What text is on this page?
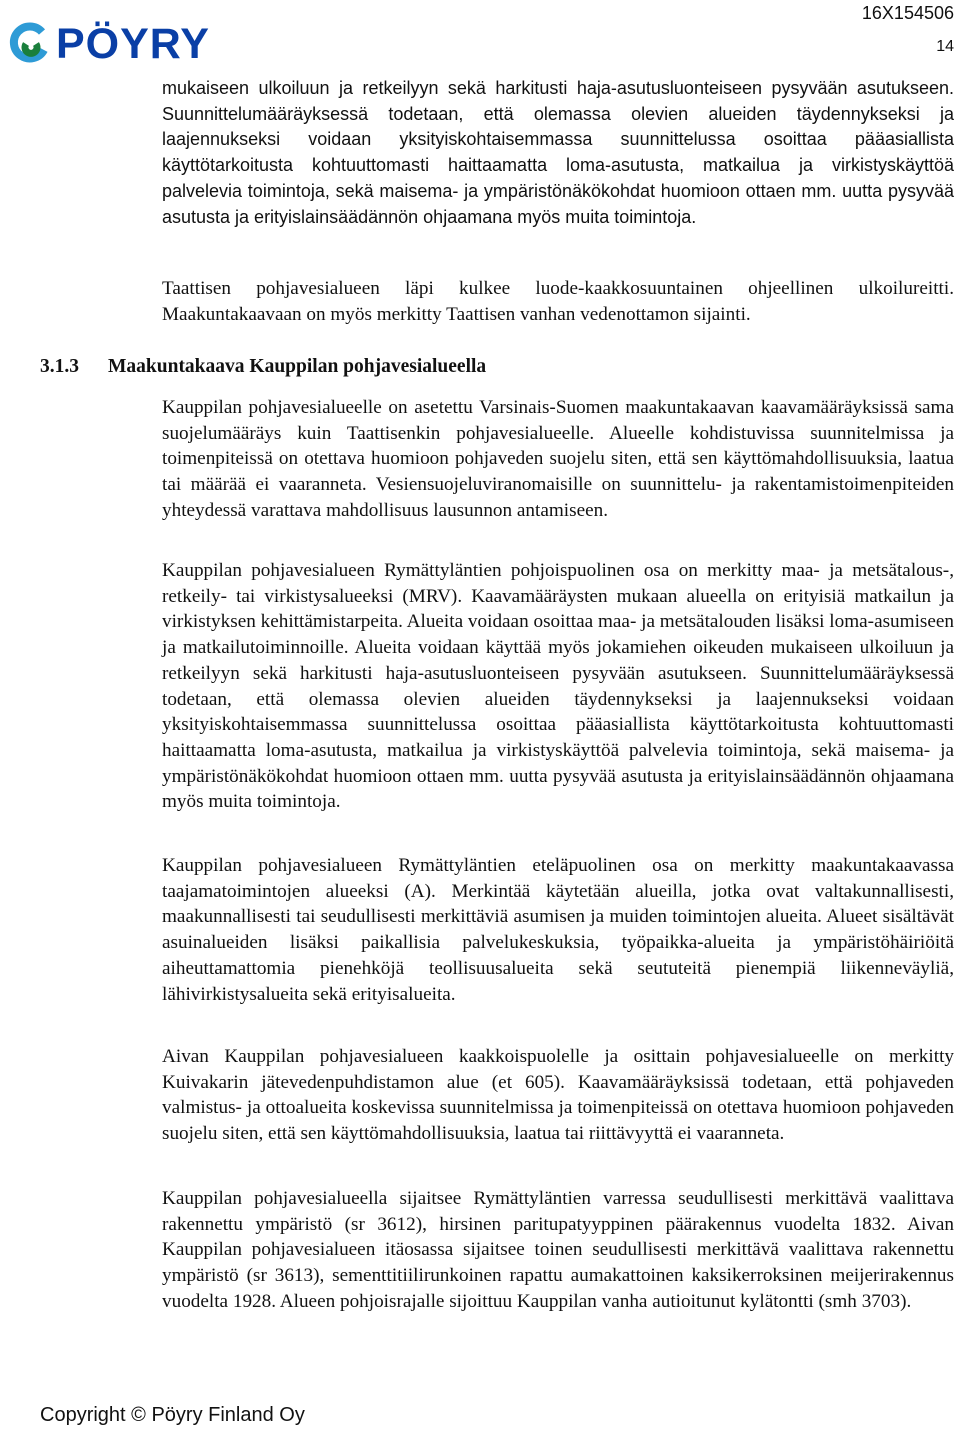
PÖYRY
16X154506
14

mukaiseen ulkoiluun ja retkeilyyn sekä harkitusti haja-asutusluonteiseen pysyvään asutukseen. Suunnittelumääräyksessä todetaan, että olemassa olevien alueiden täydennykseksi ja laajennukseksi voidaan yksityiskohtaisemmassa suunnittelussa osoittaa pääasiallista käyttötarkoitusta kohtuuttomasti haittaamatta loma-asutusta, matkailua ja virkistyskäyttöä palvelevia toimintoja, sekä maisema- ja ympäristönäkökohdat huomioon ottaen mm. uutta pysyvää asutusta ja erityislainsäädännön ohjaamana myös muita toimintoja.

Taattisen pohjavesialueen läpi kulkee luode-kaakkosuuntainen ohjeellinen ulkoilureitti. Maakuntakaavaan on myös merkitty Taattisen vanhan vedenottamon sijainti.

3.1.3	Maakuntakaava Kauppilan pohjavesialueella

Kauppilan pohjavesialueelle on asetettu Varsinais-Suomen maakuntakaavan kaavamääräyksissä sama suojelumääräys kuin Taattisenkin pohjavesialueelle. Alueelle kohdistuvissa suunnitelmissa ja toimenpiteissä on otettava huomioon pohjaveden suojelu siten, että sen käyttömahdollisuuksia, laatua tai määrää ei vaaranneta. Vesiensuojeluviranomaisille on suunnittelu- ja rakentamistoimenpiteiden yhteydessä varattava mahdollisuus lausunnon antamiseen.

Kauppilan pohjavesialueen Rymättyläntien pohjoispuolinen osa on merkitty maa- ja metsätalous-, retkeily- tai virkistysalueeksi (MRV). Kaavamääräysten mukaan alueella on erityisiä matkailun ja virkistyksen kehittämistarpeita. Alueita voidaan osoittaa maa- ja metsätalouden lisäksi loma-asumiseen ja matkailutoiminnoille. Alueita voidaan käyttää myös jokamiehen oikeuden mukaiseen ulkoiluun ja retkeilyyn sekä harkitusti haja-asutusluonteiseen pysyvään asutukseen. Suunnittelumääräyksessä todetaan, että olemassa olevien alueiden täydennykseksi ja laajennukseksi voidaan yksityiskohtaisemmassa suunnittelussa osoittaa pääasiallista käyttötarkoitusta kohtuuttomasti haittaamatta loma-asutusta, matkailua ja virkistyskäyttöä palvelevia toimintoja, sekä maisema- ja ympäristönäkökohdat huomioon ottaen mm. uutta pysyvää asutusta ja erityislainsäädännön ohjaamana myös muita toimintoja.

Kauppilan pohjavesialueen Rymättyläntien eteläpuolinen osa on merkitty maakuntakaavassa taajamatoimintojen alueeksi (A). Merkintää käytetään alueilla, jotka ovat valtakunnallisesti, maakunnallisesti tai seudullisesti merkittäviä asumisen ja muiden toimintojen alueita. Alueet sisältävät asuinalueiden lisäksi paikallisia palvelukeskuksia, työpaikka-alueita ja ympäristöhäiriöitä aiheuttamattomia pienehköjä teollisuusalueita sekä seututeitä pienempiä liikenneväyliä, lähivirkistysalueita sekä erityisalueita.

Aivan Kauppilan pohjavesialueen kaakkoispuolelle ja osittain pohjavesialueelle on merkitty Kuivakarin jätevedenpuhdistamon alue (et 605). Kaavamääräyksissä todetaan, että pohjaveden valmistus- ja ottoalueita koskevissa suunnitelmissa ja toimenpiteissä on otettava huomioon pohjaveden suojelu siten, että sen käyttömahdollisuuksia, laatua tai riittävyyttä ei vaaranneta.

Kauppilan pohjavesialueella sijaitsee Rymättyläntien varressa seudullisesti merkittävä vaalittava rakennettu ympäristö (sr 3612), hirsinen paritupatyyppinen päärakennus vuodelta 1832. Aivan Kauppilan pohjavesialueen itäosassa sijaitsee toinen seudullisesti merkittävä vaalittava rakennettu ympäristö (sr 3613), sementtitiilirunkoinen rapattu aumakattoinen kaksikerroksinen meijerirakennus vuodelta 1928. Alueen pohjoisrajalle sijoittuu Kauppilan vanha autioitunut kylätontti (smh 3703).

Copyright © Pöyry Finland Oy
